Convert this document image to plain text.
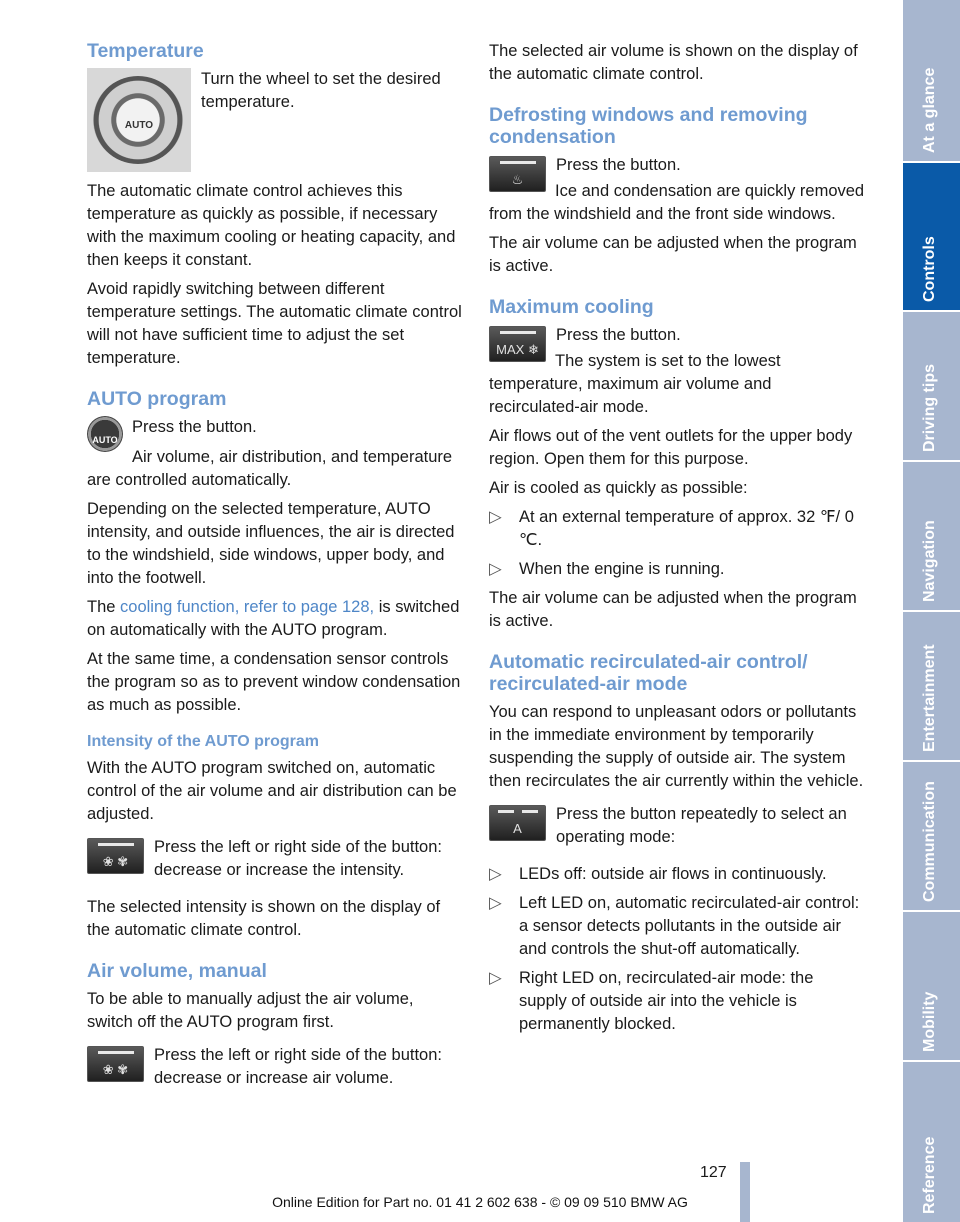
Temperature
AUTO

Turn the wheel to set the desired temperature.

The automatic climate control achieves this temperature as quickly as possible, if necessary with the maximum cooling or heating capacity, and then keeps it constant.

Avoid rapidly switching between different temperature settings. The automatic climate control will not have sufficient time to adjust the set temperature.

AUTO program
AUTO

Press the button.

Air volume, air distribution, and temperature are controlled automatically.

Depending on the selected temperature, AUTO intensity, and outside influences, the air is directed to the windshield, side windows, upper body, and into the footwell.

The cooling function, refer to page 128, is switched on automatically with the AUTO program.

At the same time, a condensation sensor controls the program so as to prevent window condensation as much as possible.

Intensity of the AUTO program

With the AUTO program switched on, automatic control of the air volume and air distribution can be adjusted.

❀ ✾

Press the left or right side of the button: decrease or increase the intensity.

The selected intensity is shown on the display of the automatic climate control.

Air volume, manual

To be able to manually adjust the air volume, switch off the AUTO program first.

❀ ✾

Press the left or right side of the button: decrease or increase air volume.

The selected air volume is shown on the display of the automatic climate control.

Defrosting windows and removing condensation
♨

Press the button.

Ice and condensation are quickly removed from the windshield and the front side windows.

The air volume can be adjusted when the program is active.

Maximum cooling
MAX ❄

Press the button.

The system is set to the lowest temperature, maximum air volume and recirculated-air mode.

Air flows out of the vent outlets for the upper body region. Open them for this purpose.

Air is cooled as quickly as possible:

▷	At an external temperature of approx. 32 ℉/ 0 ℃.
▷	When the engine is running.

The air volume can be adjusted when the program is active.

Automatic recirculated-air control/ recirculated-air mode

You can respond to unpleasant odors or pollutants in the immediate environment by temporarily suspending the supply of outside air. The system then recirculates the air currently within the vehicle.

A

Press the button repeatedly to select an operating mode:

▷	LEDs off: outside air flows in continuously.
▷	Left LED on, automatic recirculated-air control: a sensor detects pollutants in the outside air and controls the shut-off automatically.
▷	Right LED on, recirculated-air mode: the supply of outside air into the vehicle is permanently blocked.
At a glance
Controls
Driving tips
Navigation
Entertainment
Communication
Mobility
Reference
127
Online Edition for Part no. 01 41 2 602 638 - © 09 09 510 BMW AG
